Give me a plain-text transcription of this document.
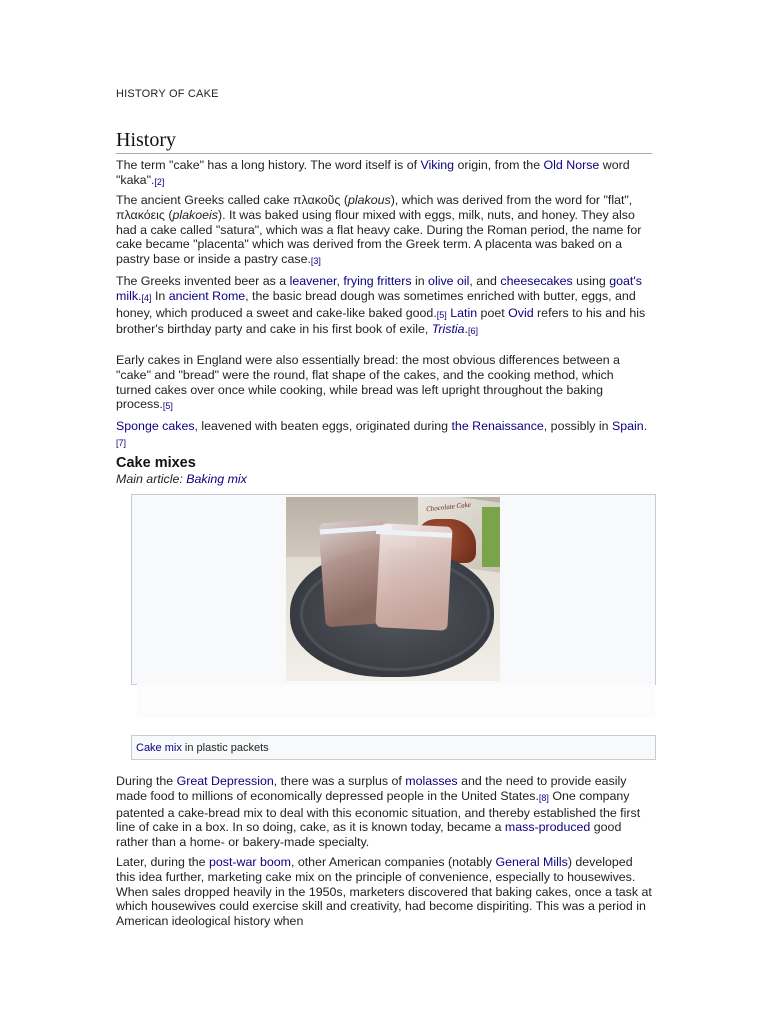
HISTORY OF CAKE
History

The term "cake" has a long history. The word itself is of Viking origin, from the Old Norse word "kaka".[2]

The ancient Greeks called cake πλακοῦς (plakous), which was derived from the word for "flat", πλακόεις (plakoeis). It was baked using flour mixed with eggs, milk, nuts, and honey. They also had a cake called "satura", which was a flat heavy cake. During the Roman period, the name for cake became "placenta" which was derived from the Greek term. A placenta was baked on a pastry base or inside a pastry case.[3]

The Greeks invented beer as a leavener, frying fritters in olive oil, and cheesecakes using goat's milk.[4] In ancient Rome, the basic bread dough was sometimes enriched with butter, eggs, and honey, which produced a sweet and cake-like baked good.[5] Latin poet Ovid refers to his and his brother's birthday party and cake in his first book of exile, Tristia.[6]

Early cakes in England were also essentially bread: the most obvious differences between a "cake" and "bread" were the round, flat shape of the cakes, and the cooking method, which turned cakes over once while cooking, while bread was left upright throughout the baking process.[5]

Sponge cakes, leavened with beaten eggs, originated during the Renaissance, possibly in Spain.[7]

Cake mixes
Main article: Baking mix
Chocolate Cake
Cake mix in plastic packets

During the Great Depression, there was a surplus of molasses and the need to provide easily made food to millions of economically depressed people in the United States.[8] One company patented a cake-bread mix to deal with this economic situation, and thereby established the first line of cake in a box. In so doing, cake, as it is known today, became a mass-produced good rather than a home- or bakery-made specialty.

Later, during the post-war boom, other American companies (notably General Mills) developed this idea further, marketing cake mix on the principle of convenience, especially to housewives. When sales dropped heavily in the 1950s, marketers discovered that baking cakes, once a task at which housewives could exercise skill and creativity, had become dispiriting. This was a period in American ideological history when
